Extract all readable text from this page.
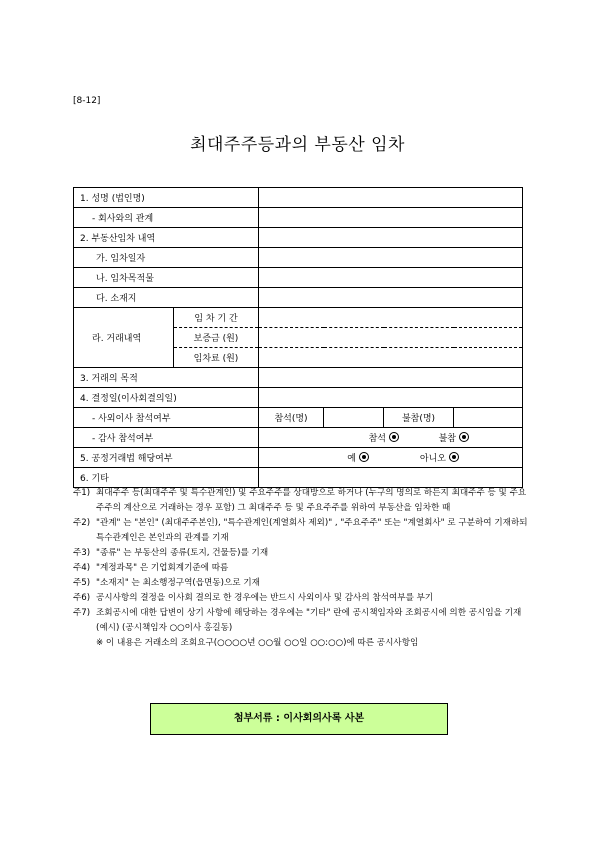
[8-12]
최대주주등과의 부동산 임차
1. 성명 (법인명)					
- 회사와의 관계					
2. 부동산임차 내역					
가. 임차일자					
나. 임차목적물					
다. 소재지					
라. 거래내역	임 차 기 간				
	보증금 (원)				
	임차료 (원)				
3. 거래의 목적					
4. 결정일(이사회결의일)					
- 사외이사 참석여부		참석(명)		불참(명)	
- 감사 참석여부		참석 불참			

5. 공정거래법 해당여부		예 아니오			

6. 기타					
주1) 최대주주 등(최대주주 및 특수관계인) 및 주요주주를 상대방으로 하거나 (누구의 명의로 하든지 최대주주 등 및 주요주주의 계산으로 거래하는 경우 포함) 그 최대주주 등 및 주요주주를 위하여 부동산을 임차한 때
주2) "관계" 는 "본인" (최대주주본인), "특수관계인(계열회사 제외)" , "주요주주" 또는 "계열회사" 로 구분하여 기재하되 특수관계인은 본인과의 관계를 기재
주3) "종류" 는 부동산의 종류(토지, 건물등)를 기재
주4) "계정과목" 은 기업회계기준에 따름
주5) "소재지" 는 최소행정구역(읍면동)으로 기재
주6) 공시사항의 결정을 이사회 결의로 한 경우에는 반드시 사외이사 및 감사의 참석여부를 부기
주7) 조회공시에 대한 답변이 상기 사항에 해당하는 경우에는 "기타" 란에 공시책임자와 조회공시에 의한 공시임을 기재
(예시) (공시책임자 ○○이사 홍길동)
※ 이 내용은 거래소의 조회요구(○○○○년 ○○월 ○○일 ○○:○○)에 따른 공시사항임
첨부서류 : 이사회의사록 사본
